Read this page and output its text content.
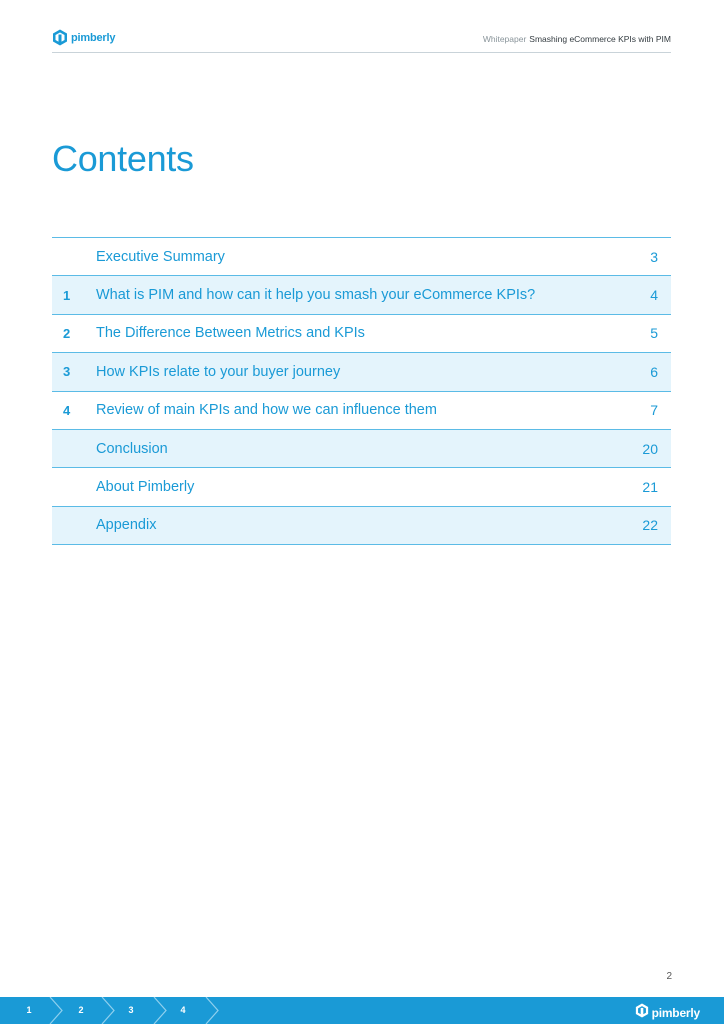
pimberly	Whitepaper Smashing eCommerce KPIs with PIM
Contents
Executive Summary	3
1	What is PIM and how can it help you smash your eCommerce KPIs?	4
2	The Difference Between Metrics and KPIs	5
3	How KPIs relate to your buyer journey	6
4	Review of main KPIs and how we can influence them	7
Conclusion	20
About Pimberly	21
Appendix	22
2
1	2	3	4	pimberly
